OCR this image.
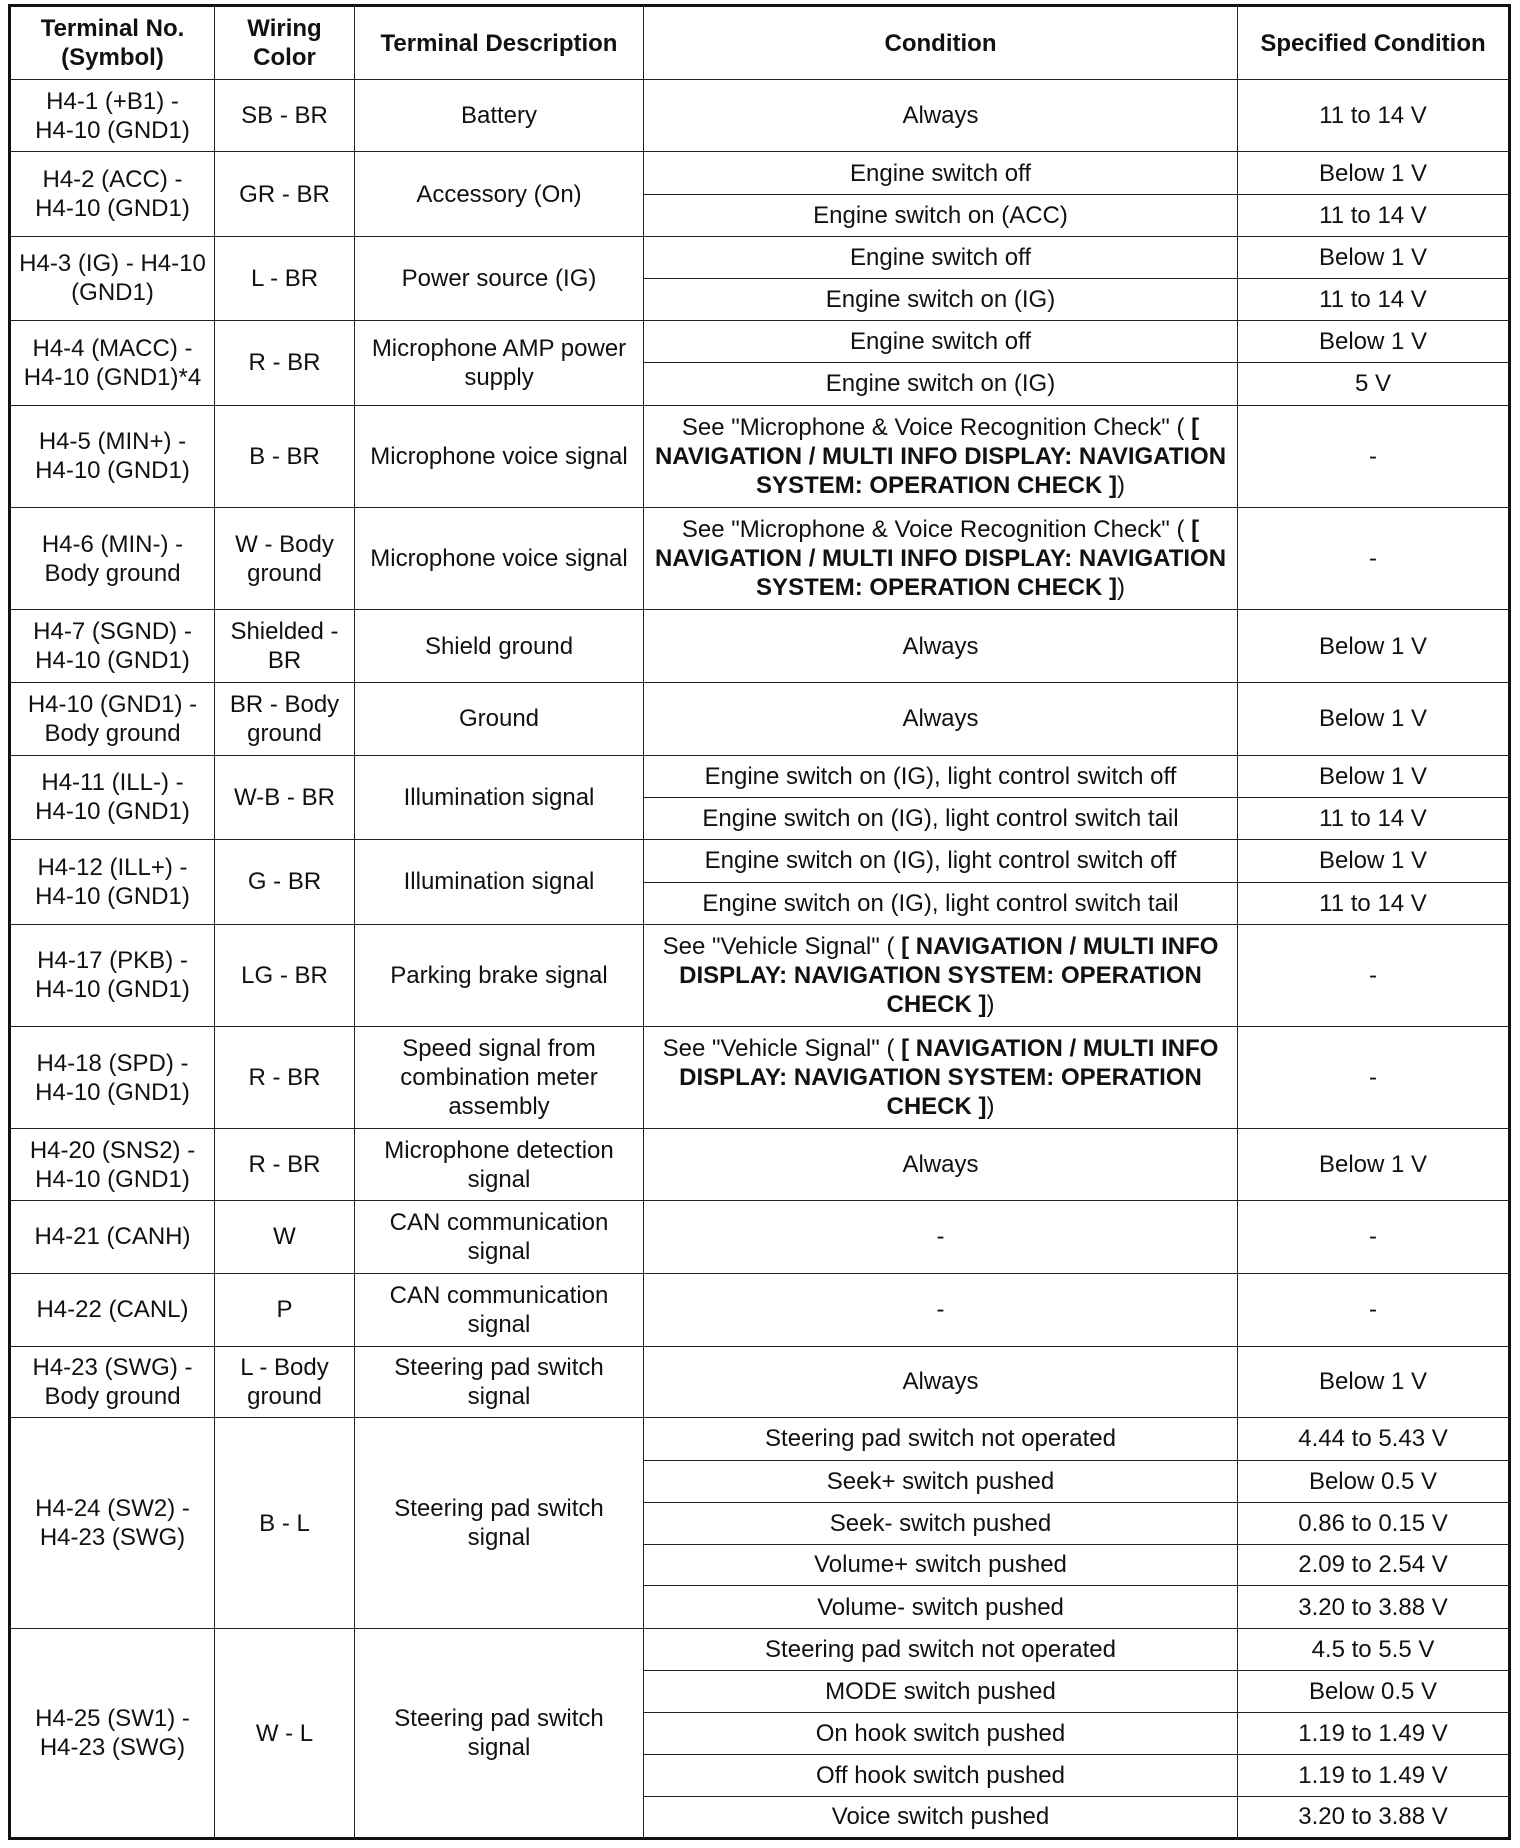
Terminal No. (Symbol)	Wiring Color	Terminal Description	Condition	Specified Condition

H4-1 (+B1) -
H4-10 (GND1)	SB - BR	Battery	Always	11 to 14 V

H4-2 (ACC) -
H4-10 (GND1)	GR - BR	Accessory (On)	Engine switch off	Below 1 V
			Engine switch on (ACC)	11 to 14 V

H4-3 (IG) - H4-10
(GND1)	L - BR	Power source (IG)	Engine switch off	Below 1 V
			Engine switch on (IG)	11 to 14 V

H4-4 (MACC) -
H4-10 (GND1)*4	R - BR	Microphone AMP power supply	Engine switch off	Below 1 V
			Engine switch on (IG)	5 V

H4-5 (MIN+) -
H4-10 (GND1)	B - BR	Microphone voice signal	See "Microphone & Voice Recognition Check" ( [ NAVIGATION / MULTI INFO DISPLAY: NAVIGATION SYSTEM: OPERATION CHECK ])	-

H4-6 (MIN-) -
Body ground	W - Body ground	Microphone voice signal	See "Microphone & Voice Recognition Check" ( [ NAVIGATION / MULTI INFO DISPLAY: NAVIGATION SYSTEM: OPERATION CHECK ])	-

H4-7 (SGND) -
H4-10 (GND1)	Shielded - BR	Shield ground	Always	Below 1 V

H4-10 (GND1) -
Body ground	BR - Body ground	Ground	Always	Below 1 V

H4-11 (ILL-) -
H4-10 (GND1)	W-B - BR	Illumination signal	Engine switch on (IG), light control switch off	Below 1 V
			Engine switch on (IG), light control switch tail	11 to 14 V

H4-12 (ILL+) -
H4-10 (GND1)	G - BR	Illumination signal	Engine switch on (IG), light control switch off	Below 1 V
			Engine switch on (IG), light control switch tail	11 to 14 V

H4-17 (PKB) -
H4-10 (GND1)	LG - BR	Parking brake signal	See "Vehicle Signal" ( [ NAVIGATION / MULTI INFO DISPLAY: NAVIGATION SYSTEM: OPERATION CHECK ])	-

H4-18 (SPD) -
H4-10 (GND1)	R - BR	Speed signal from combination meter assembly	See "Vehicle Signal" ( [ NAVIGATION / MULTI INFO DISPLAY: NAVIGATION SYSTEM: OPERATION CHECK ])	-

H4-20 (SNS2) -
H4-10 (GND1)	R - BR	Microphone detection signal	Always	Below 1 V

H4-21 (CANH)	W	CAN communication signal	-	-

H4-22 (CANL)	P	CAN communication signal	-	-

H4-23 (SWG) -
Body ground	L - Body ground	Steering pad switch signal	Always	Below 1 V

H4-24 (SW2) -
H4-23 (SWG)	B - L	Steering pad switch signal	Steering pad switch not operated	4.44 to 5.43 V
			Seek+ switch pushed	Below 0.5 V
			Seek- switch pushed	0.86 to 0.15 V
			Volume+ switch pushed	2.09 to 2.54 V
			Volume- switch pushed	3.20 to 3.88 V

H4-25 (SW1) -
H4-23 (SWG)	W - L	Steering pad switch signal	Steering pad switch not operated	4.5 to 5.5 V
			MODE switch pushed	Below 0.5 V
			On hook switch pushed	1.19 to 1.49 V
			Off hook switch pushed	1.19 to 1.49 V
			Voice switch pushed	3.20 to 3.88 V
